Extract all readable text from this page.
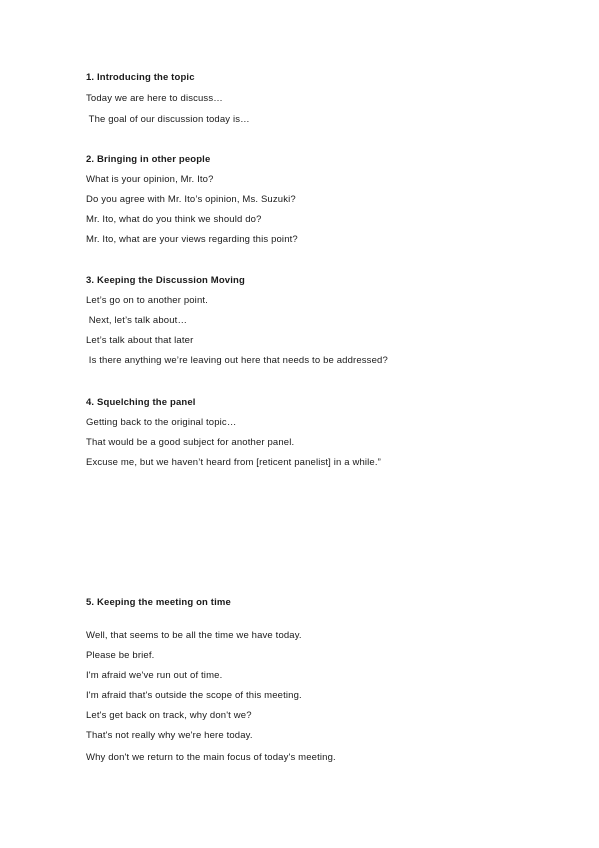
1. Introducing the topic
Today we are here to discuss…
The goal of our discussion today is…
2. Bringing in other people
What is your opinion, Mr. Ito?
Do you agree with Mr. Ito’s opinion, Ms. Suzuki?
Mr. Ito, what do you think we should do?
Mr. Ito, what are your views regarding this point?
3. Keeping the Discussion Moving
Let’s go on to another point.
Next, let’s talk about…
Let’s talk about that later
Is there anything we’re leaving out here that needs to be addressed?
4. Squelching the panel
Getting back to the original topic…
That would be a good subject for another panel.
Excuse me, but we haven’t heard from [reticent panelist] in a while.”
5. Keeping the meeting on time
Well, that seems to be all the time we have today.
Please be brief.
I'm afraid we've run out of time.
I'm afraid that's outside the scope of this meeting.
Let's get back on track, why don't we?
That's not really why we're here today.
Why don't we return to the main focus of today's meeting.
